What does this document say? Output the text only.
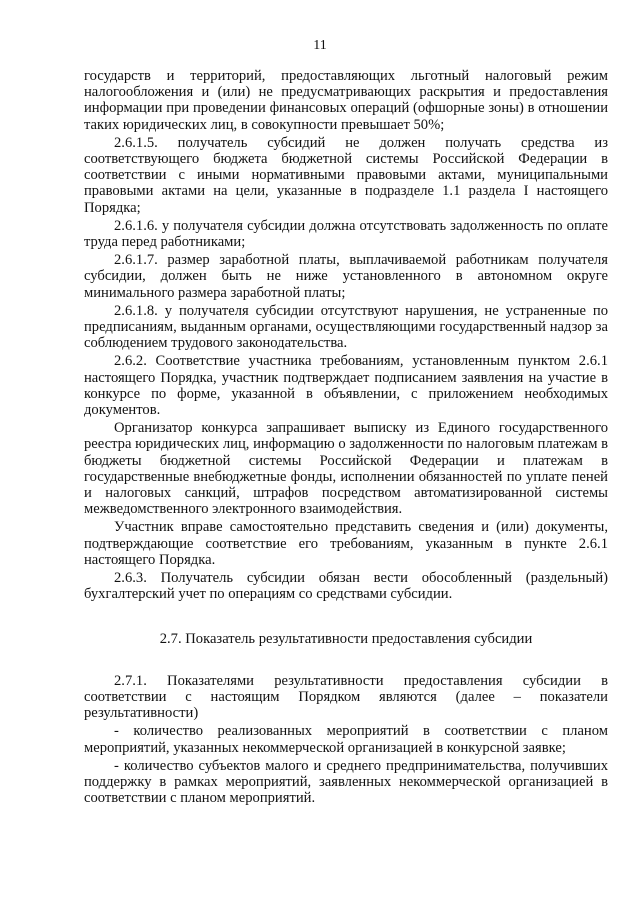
11

государств и территорий, предоставляющих льготный налоговый режим налогообложения и (или) не предусматривающих раскрытия и предоставления информации при проведении финансовых операций (офшорные зоны) в отношении таких юридических лиц, в совокупности превышает 50%;

2.6.1.5. получатель субсидий не должен получать средства из соответствующего бюджета бюджетной системы Российской Федерации в соответствии с иными нормативными правовыми актами, муниципальными правовыми актами на цели, указанные в подразделе 1.1 раздела I настоящего Порядка;

2.6.1.6. у получателя субсидии должна отсутствовать задолженность по оплате труда перед работниками;

2.6.1.7. размер заработной платы, выплачиваемой работникам получателя субсидии, должен быть не ниже установленного в автономном округе минимального размера заработной платы;

2.6.1.8. у получателя субсидии отсутствуют нарушения, не устраненные по предписаниям, выданным органами, осуществляющими государственный надзор за соблюдением трудового законодательства.

2.6.2. Соответствие участника требованиям, установленным пунктом 2.6.1 настоящего Порядка, участник подтверждает подписанием заявления на участие в конкурсе по форме, указанной в объявлении, с приложением необходимых документов.

Организатор конкурса запрашивает выписку из Единого государственного реестра юридических лиц, информацию о задолженности по налоговым платежам в бюджеты бюджетной системы Российской Федерации и платежам в государственные внебюджетные фонды, исполнении обязанностей по уплате пеней и налоговых санкций, штрафов посредством автоматизированной системы межведомственного электронного взаимодействия.

Участник вправе самостоятельно представить сведения и (или) документы, подтверждающие соответствие его требованиям, указанным в пункте 2.6.1 настоящего Порядка.

2.6.3. Получатель субсидии обязан вести обособленный (раздельный) бухгалтерский учет по операциям со средствами субсидии.

2.7. Показатель результативности предоставления субсидии

2.7.1. Показателями результативности предоставления субсидии в соответствии с настоящим Порядком являются (далее – показатели результативности)

- количество реализованных мероприятий в соответствии с планом мероприятий, указанных некоммерческой организацией в конкурсной заявке;

- количество субъектов малого и среднего предпринимательства, получивших поддержку в рамках мероприятий, заявленных некоммерческой организацией в соответствии с планом мероприятий.
